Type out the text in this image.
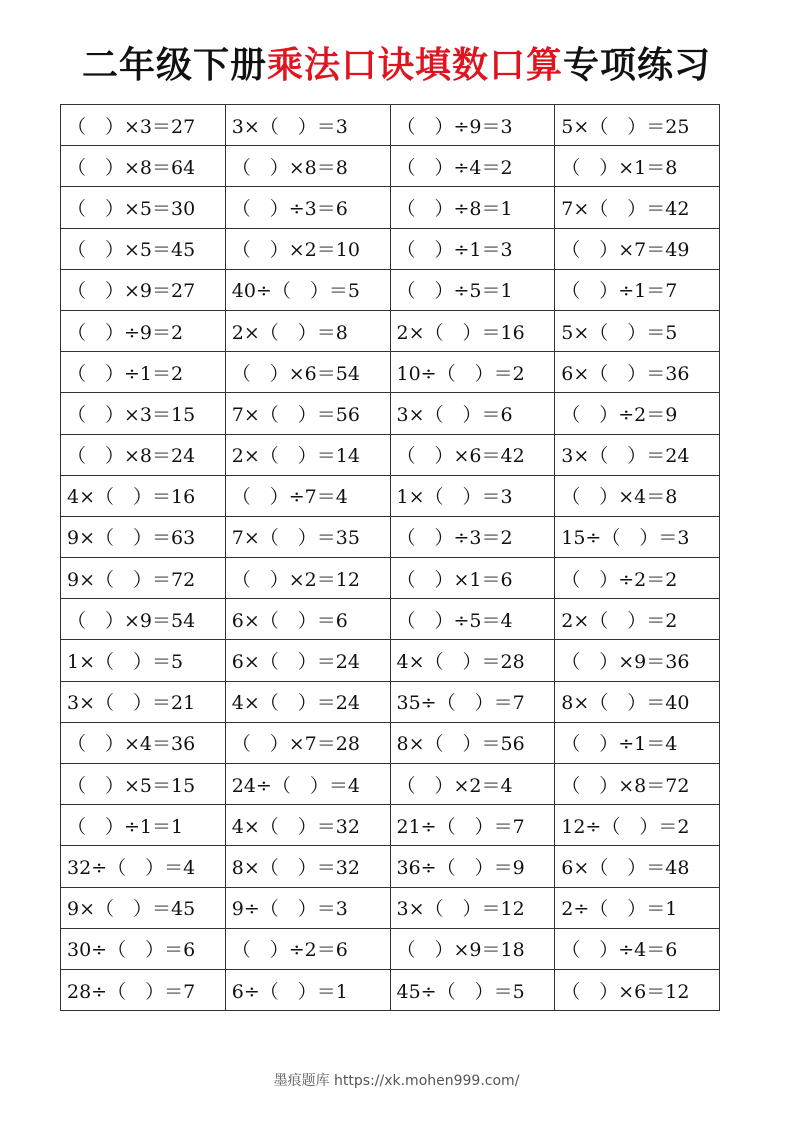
二年级下册乘法口诀填数口算专项练习
（　）×3＝27	3×（　）＝3	（　）÷9＝3	5×（　）＝25
（　）×8＝64	（　）×8＝8	（　）÷4＝2	（　）×1＝8
（　）×5＝30	（　）÷3＝6	（　）÷8＝1	7×（　）＝42
（　）×5＝45	（　）×2＝10	（　）÷1＝3	（　）×7＝49
（　）×9＝27	40÷（　）＝5	（　）÷5＝1	（　）÷1＝7
（　）÷9＝2	2×（　）＝8	2×（　）＝16	5×（　）＝5
（　）÷1＝2	（　）×6＝54	10÷（　）＝2	6×（　）＝36
（　）×3＝15	7×（　）＝56	3×（　）＝6	（　）÷2＝9
（　）×8＝24	2×（　）＝14	（　）×6＝42	3×（　）＝24
4×（　）＝16	（　）÷7＝4	1×（　）＝3	（　）×4＝8
9×（　）＝63	7×（　）＝35	（　）÷3＝2	15÷（　）＝3
9×（　）＝72	（　）×2＝12	（　）×1＝6	（　）÷2＝2
（　）×9＝54	6×（　）＝6	（　）÷5＝4	2×（　）＝2
1×（　）＝5	6×（　）＝24	4×（　）＝28	（　）×9＝36
3×（　）＝21	4×（　）＝24	35÷（　）＝7	8×（　）＝40
（　）×4＝36	（　）×7＝28	8×（　）＝56	（　）÷1＝4
（　）×5＝15	24÷（　）＝4	（　）×2＝4	（　）×8＝72
（　）÷1＝1	4×（　）＝32	21÷（　）＝7	12÷（　）＝2
32÷（　）＝4	8×（　）＝32	36÷（　）＝9	6×（　）＝48
9×（　）＝45	9÷（　）＝3	3×（　）＝12	2÷（　）＝1
30÷（　）＝6	（　）÷2＝6	（　）×9＝18	（　）÷4＝6
28÷（　）＝7	6÷（　）＝1	45÷（　）＝5	（　）×6＝12
墨痕题库 https://xk.mohen999.com/
